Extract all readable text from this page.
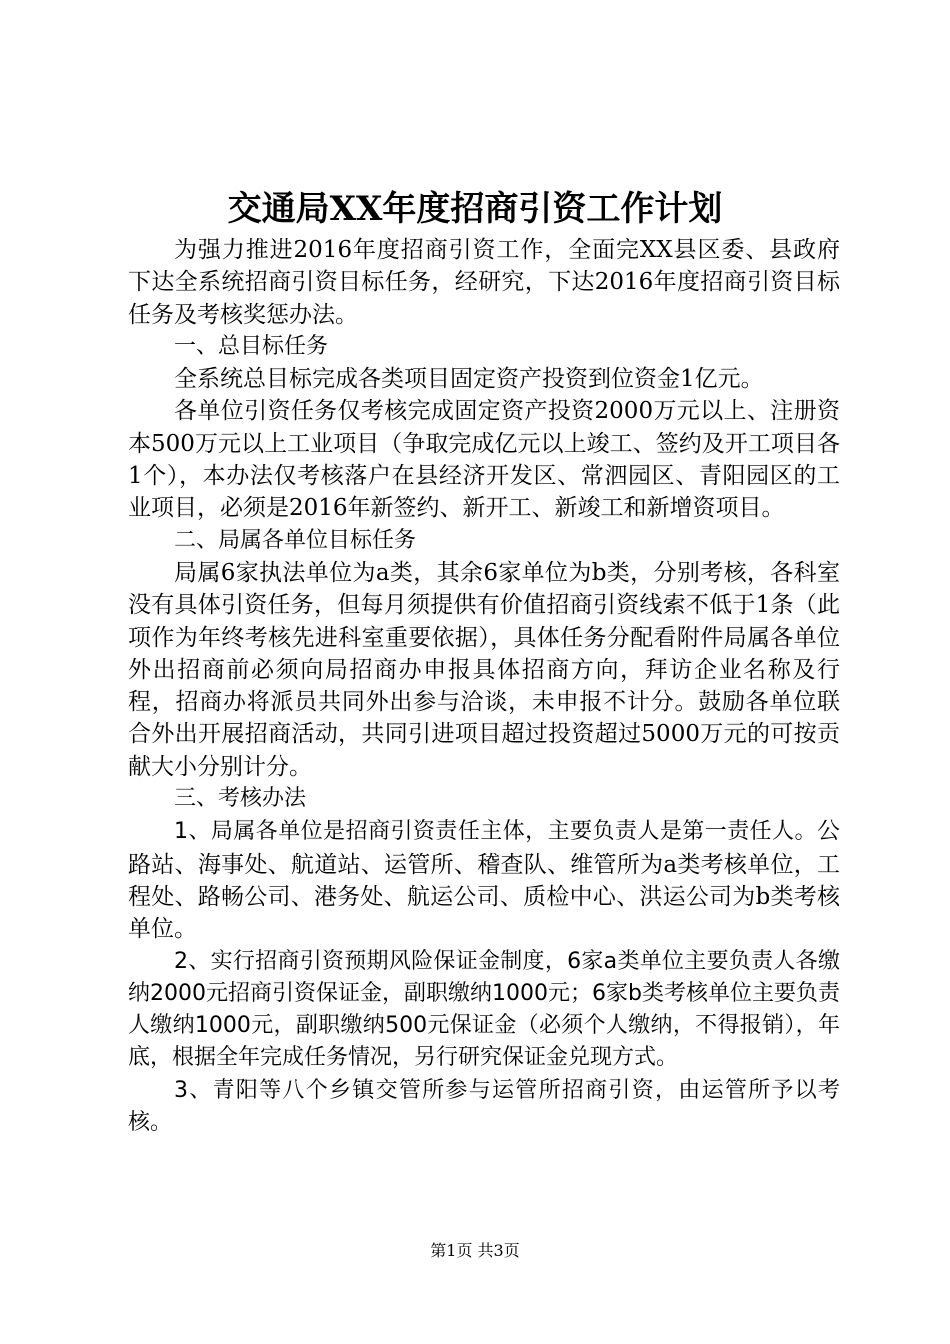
交通局XX年度招商引资工作计划

为强力推进2016年度招商引资工作，全面完XX县区委、县政府下达全系统招商引资目标任务，经研究，下达2016年度招商引资目标任务及考核奖惩办法。

一、总目标任务

全系统总目标完成各类项目固定资产投资到位资金1亿元。

各单位引资任务仅考核完成固定资产投资2000万元以上、注册资本500万元以上工业项目（争取完成亿元以上竣工、签约及开工项目各1个），本办法仅考核落户在县经济开发区、常泗园区、青阳园区的工业项目，必须是2016年新签约、新开工、新竣工和新增资项目。

二、局属各单位目标任务

局属6家执法单位为a类，其余6家单位为b类，分别考核，各科室没有具体引资任务，但每月须提供有价值招商引资线索不低于1条（此项作为年终考核先进科室重要依据），具体任务分配看附件局属各单位外出招商前必须向局招商办申报具体招商方向，拜访企业名称及行程，招商办将派员共同外出参与洽谈，未申报不计分。鼓励各单位联合外出开展招商活动，共同引进项目超过投资超过5000万元的可按贡献大小分别计分。

三、考核办法

1、局属各单位是招商引资责任主体，主要负责人是第一责任人。公路站、海事处、航道站、运管所、稽查队、维管所为a类考核单位，工程处、路畅公司、港务处、航运公司、质检中心、洪运公司为b类考核单位。

2、实行招商引资预期风险保证金制度，6家a类单位主要负责人各缴纳2000元招商引资保证金，副职缴纳1000元；6家b类考核单位主要负责人缴纳1000元，副职缴纳500元保证金（必须个人缴纳，不得报销），年底，根据全年完成任务情况，另行研究保证金兑现方式。

3、青阳等八个乡镇交管所参与运管所招商引资，由运管所予以考核。

第1页 共3页
